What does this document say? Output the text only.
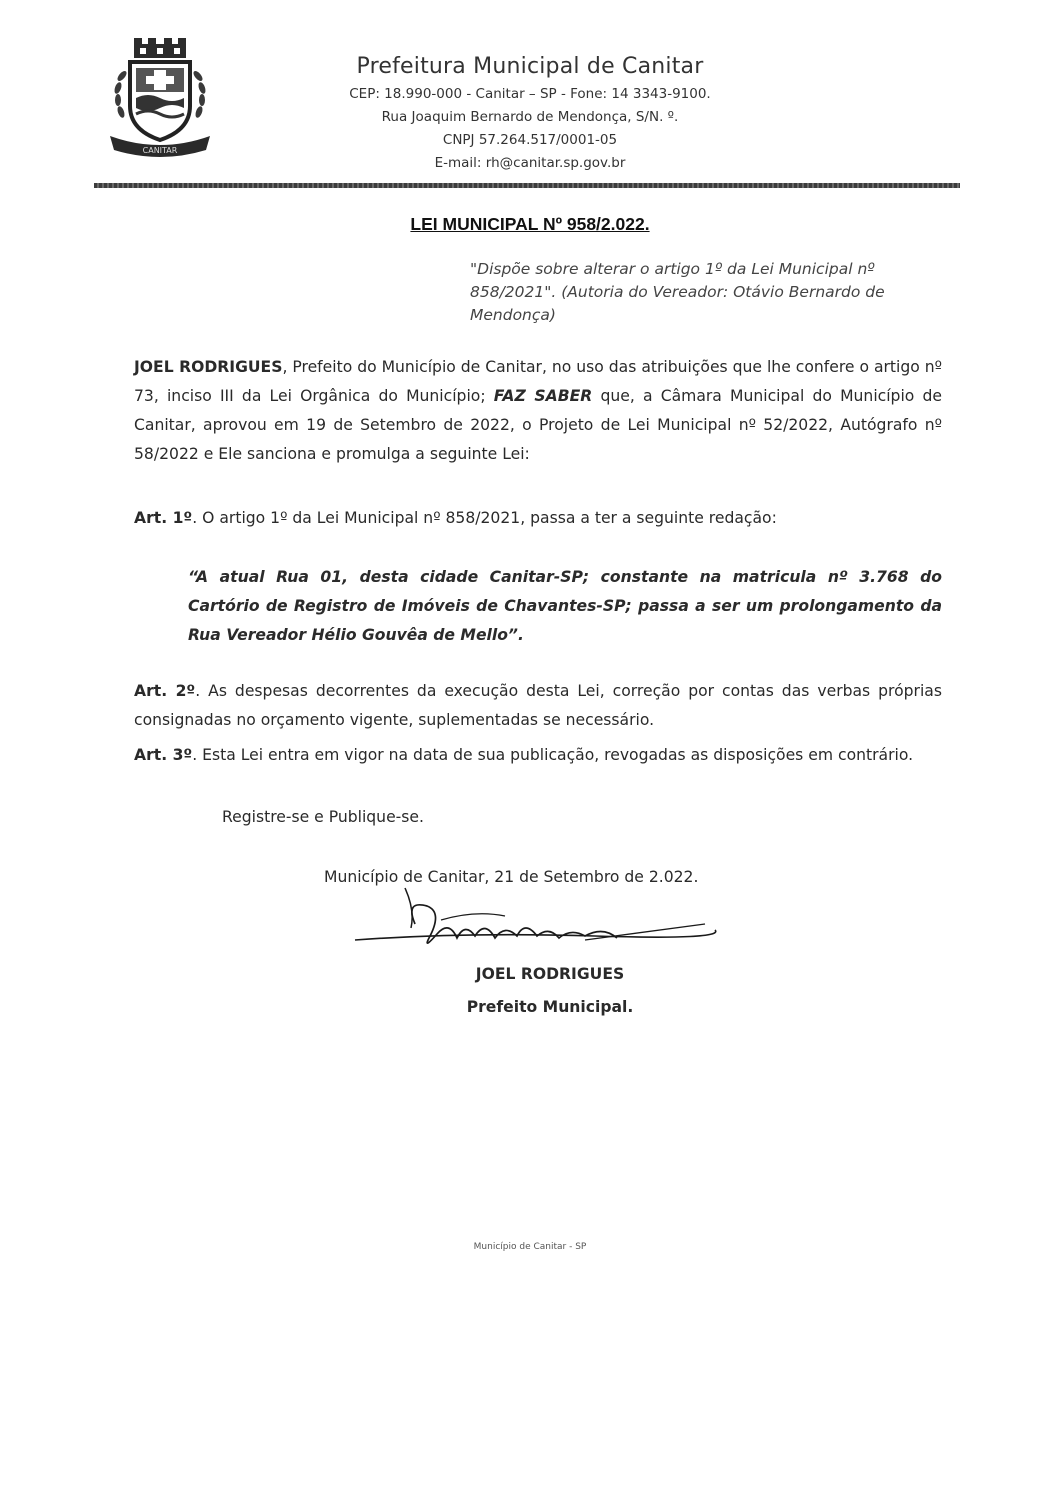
CANITAR
Prefeitura Municipal de Canitar
CEP: 18.990-000 - Canitar – SP - Fone: 14 3343-9100.
Rua Joaquim Bernardo de Mendonça, S/N. º.
CNPJ 57.264.517/0001-05
E-mail: rh@canitar.sp.gov.br
LEI MUNICIPAL Nº 958/2.022.
"Dispõe sobre alterar o artigo 1º da Lei Municipal nº 858/2021". (Autoria do Vereador: Otávio Bernardo de Mendonça)
JOEL RODRIGUES, Prefeito do Município de Canitar, no uso das atribuições que lhe confere o artigo nº 73, inciso III da Lei Orgânica do Município; FAZ SABER que, a Câmara Municipal do Município de Canitar, aprovou em 19 de Setembro de 2022, o Projeto de Lei Municipal nº 52/2022, Autógrafo nº 58/2022 e Ele sanciona e promulga a seguinte Lei:
Art. 1º. O artigo 1º da Lei Municipal nº 858/2021, passa a ter a seguinte redação:
“A atual Rua 01, desta cidade Canitar-SP; constante na matricula nº 3.768 do Cartório de Registro de Imóveis de Chavantes-SP; passa a ser um prolongamento da Rua Vereador Hélio Gouvêa de Mello”.
Art. 2º. As despesas decorrentes da execução desta Lei, correção por contas das verbas próprias consignadas no orçamento vigente, suplementadas se necessário.
Art. 3º. Esta Lei entra em vigor na data de sua publicação, revogadas as disposições em contrário.
Registre-se e Publique-se.
Município de Canitar, 21 de Setembro de 2.022.
JOEL RODRIGUES
Prefeito Municipal.
Município de Canitar - SP
